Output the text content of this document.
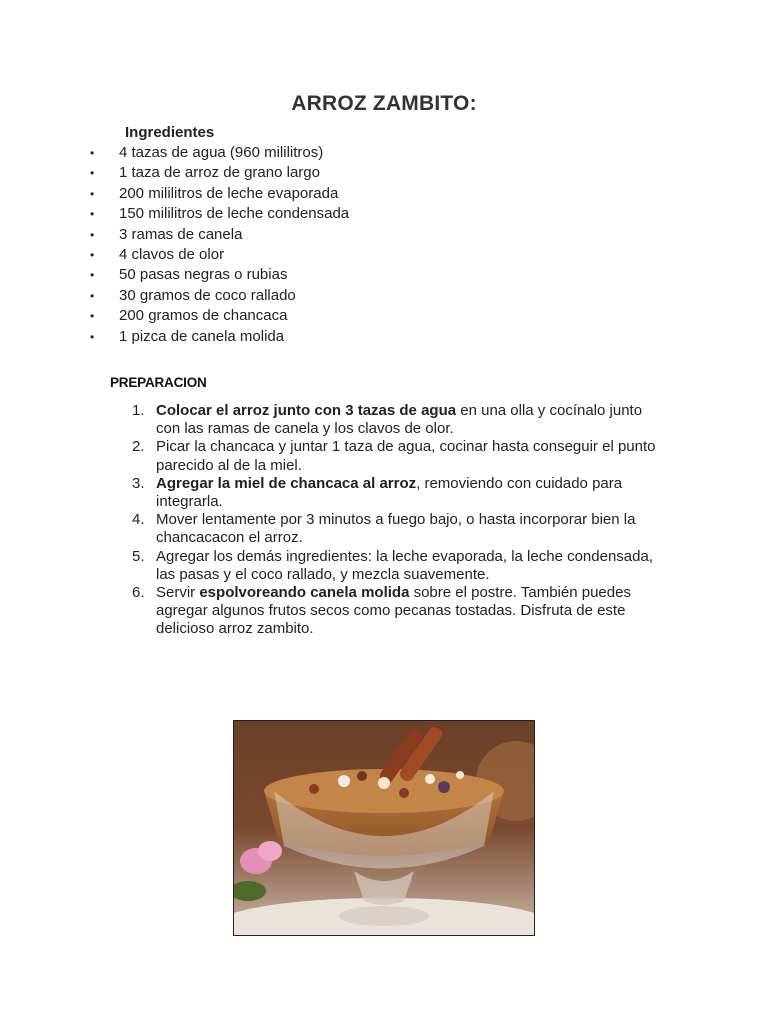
ARROZ ZAMBITO:
Ingredientes
• 4 tazas de agua (960 mililitros)
• 1 taza de arroz de grano largo
• 200 mililitros de leche evaporada
• 150 mililitros de leche condensada
• 3 ramas de canela
• 4 clavos de olor
• 50 pasas negras o rubias
• 30 gramos de coco rallado
• 200 gramos de chancaca
• 1 pizca de canela molida
PREPARACION
1. Colocar el arroz junto con 3 tazas de agua en una olla y cocínalo junto con las ramas de canela y los clavos de olor.
2. Picar la chancaca y juntar 1 taza de agua, cocinar hasta conseguir el punto parecido al de la miel.
3. Agregar la miel de chancaca al arroz, removiendo con cuidado para integrarla.
4. Mover lentamente por 3 minutos a fuego bajo, o hasta incorporar bien la chancacacon el arroz.
5. Agregar los demás ingredientes: la leche evaporada, la leche condensada, las pasas y el coco rallado, y mezcla suavemente.
6. Servir espolvoreando canela molida sobre el postre. También puedes agregar algunos frutos secos como pecanas tostadas. Disfruta de este delicioso arroz zambito.
